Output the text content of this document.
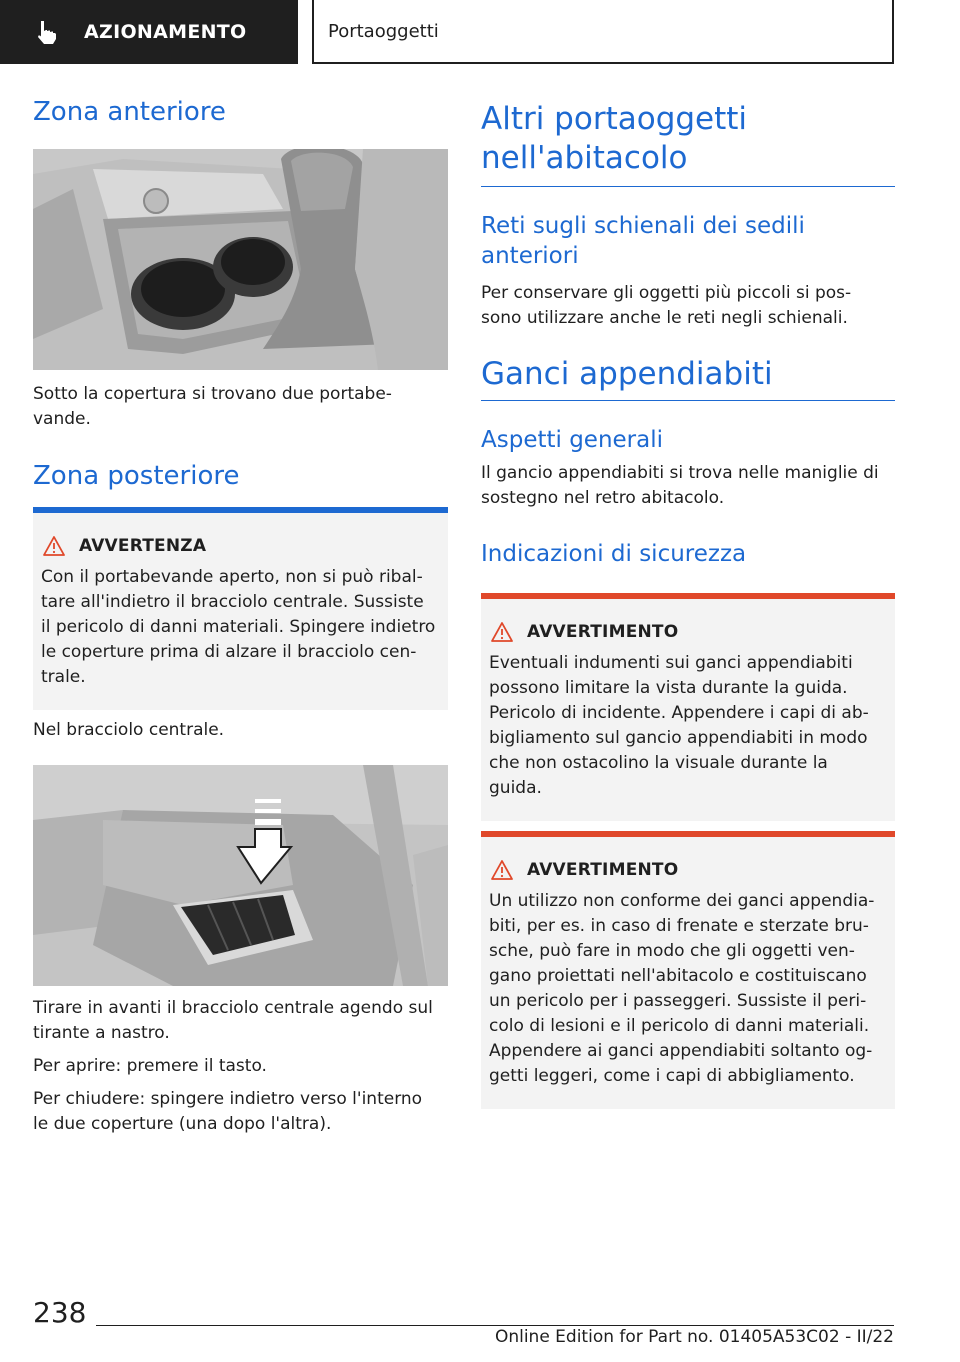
AZIONAMENTO	Portaoggetti
Zona anteriore

Sotto la copertura si trovano due portabe-
vande.

Zona posteriore
AVVERTENZA

Con il portabevande aperto, non si può ribal-
tare all'indietro il bracciolo centrale. Sussiste
il pericolo di danni materiali. Spingere indietro
le coperture prima di alzare il bracciolo cen-
trale.

Nel bracciolo centrale.

Tirare in avanti il bracciolo centrale agendo sul
tirante a nastro.

Per aprire: premere il tasto.

Per chiudere: spingere indietro verso l'interno
le due coperture (una dopo l'altra).

Altri portaoggetti
nell'abitacolo
Reti sugli schienali dei sedili
anteriori

Per conservare gli oggetti più piccoli si pos-
sono utilizzare anche le reti negli schienali.

Ganci appendiabiti
Aspetti generali

Il gancio appendiabiti si trova nelle maniglie di
sostegno nel retro abitacolo.

Indicazioni di sicurezza
AVVERTIMENTO

Eventuali indumenti sui ganci appendiabiti
possono limitare la vista durante la guida.
Pericolo di incidente. Appendere i capi di ab-
bigliamento sul gancio appendiabiti in modo
che non ostacolino la visuale durante la
guida.

AVVERTIMENTO

Un utilizzo non conforme dei ganci appendia-
biti, per es. in caso di frenate e sterzate bru-
sche, può fare in modo che gli oggetti ven-
gano proiettati nell'abitacolo e costituiscano
un pericolo per i passeggeri. Sussiste il peri-
colo di lesioni e il pericolo di danni materiali.
Appendere ai ganci appendiabiti soltanto og-
getti leggeri, come i capi di abbigliamento.

238
Online Edition for Part no. 01405A53C02 - II/22
